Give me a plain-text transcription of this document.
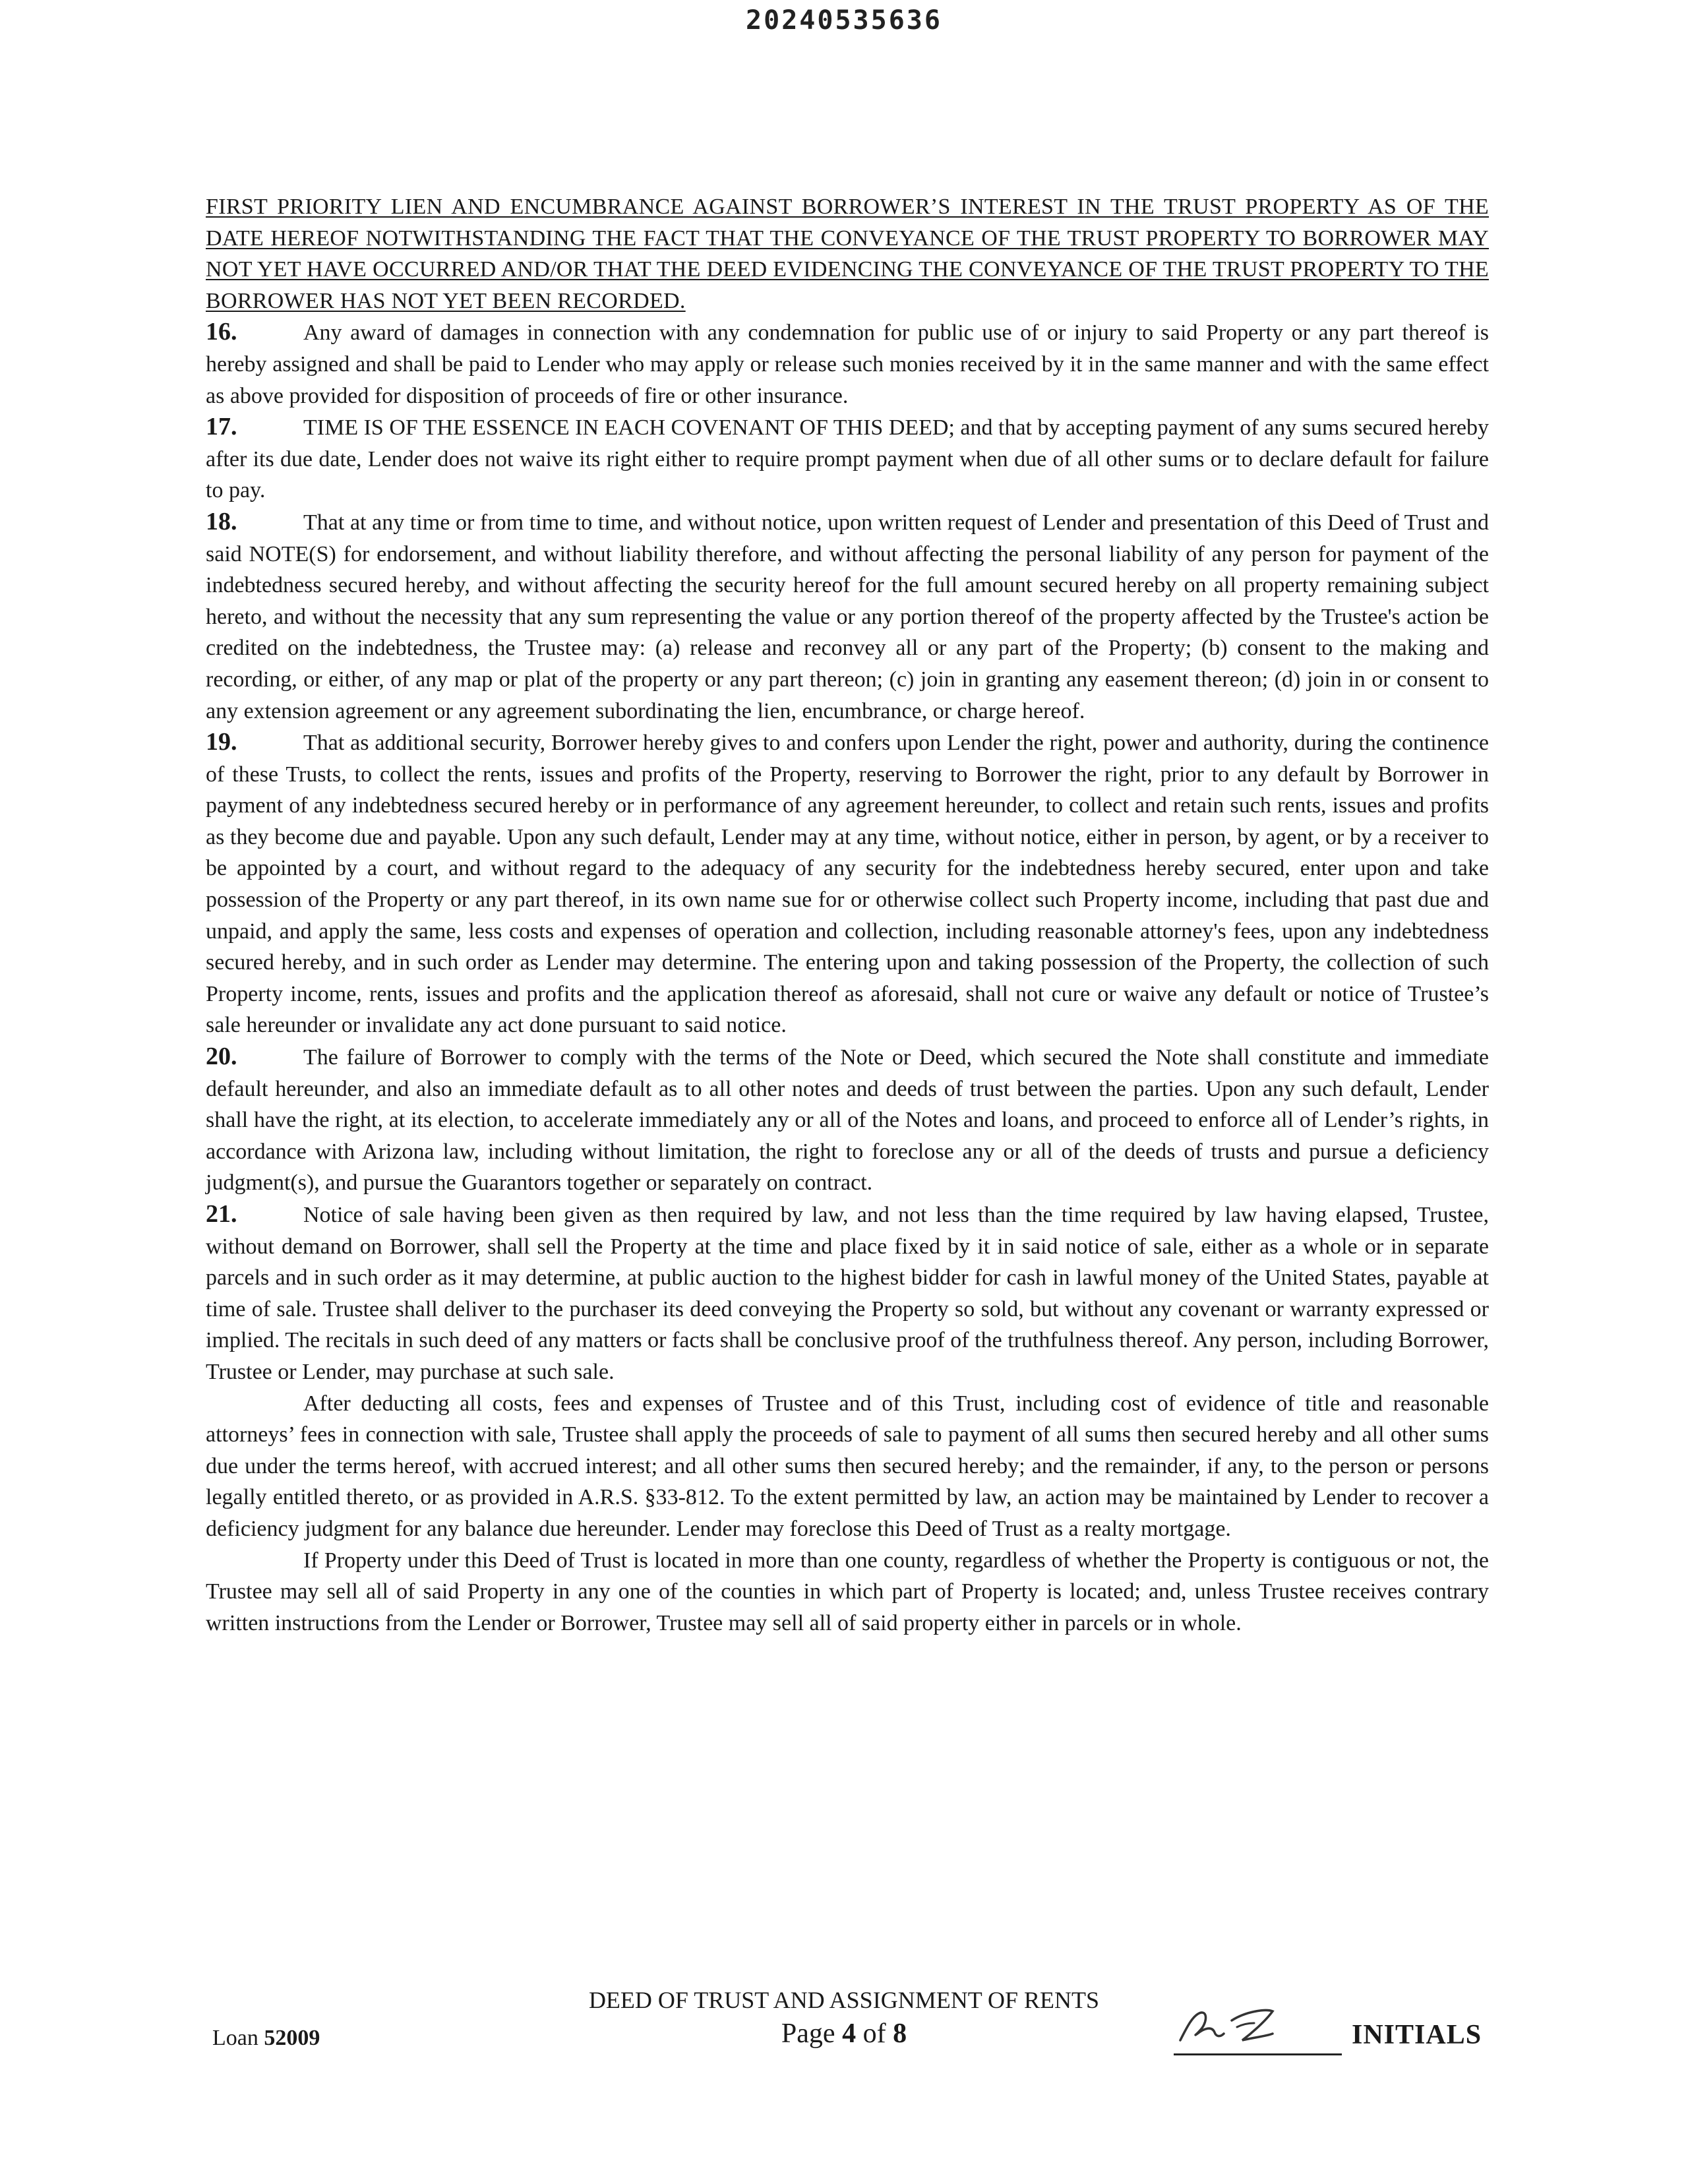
20240535636

FIRST PRIORITY LIEN AND ENCUMBRANCE AGAINST BORROWER’S INTEREST IN THE TRUST PROPERTY AS OF THE DATE HEREOF NOTWITHSTANDING THE FACT THAT THE CONVEYANCE OF THE TRUST PROPERTY TO BORROWER MAY NOT YET HAVE OCCURRED AND/OR THAT THE DEED EVIDENCING THE CONVEYANCE OF THE TRUST PROPERTY TO THE BORROWER HAS NOT YET BEEN RECORDED.

16.	Any award of damages in connection with any condemnation for public use of or injury to said Property or any part thereof is hereby assigned and shall be paid to Lender who may apply or release such monies received by it in the same manner and with the same effect as above provided for disposition of proceeds of fire or other insurance.

17.	TIME IS OF THE ESSENCE IN EACH COVENANT OF THIS DEED; and that by accepting payment of any sums secured hereby after its due date, Lender does not waive its right either to require prompt payment when due of all other sums or to declare default for failure to pay.

18.	That at any time or from time to time, and without notice, upon written request of Lender and presentation of this Deed of Trust and said NOTE(S) for endorsement, and without liability therefore, and without affecting the personal liability of any person for payment of the indebtedness secured hereby, and without affecting the security hereof for the full amount secured hereby on all property remaining subject hereto, and without the necessity that any sum representing the value or any portion thereof of the property affected by the Trustee's action be credited on the indebtedness, the Trustee may: (a) release and reconvey all or any part of the Property; (b) consent to the making and recording, or either, of any map or plat of the property or any part thereon; (c) join in granting any easement thereon; (d) join in or consent to any extension agreement or any agreement subordinating the lien, encumbrance, or charge hereof.

19.	That as additional security, Borrower hereby gives to and confers upon Lender the right, power and authority, during the continence of these Trusts, to collect the rents, issues and profits of the Property, reserving to Borrower the right, prior to any default by Borrower in payment of any indebtedness secured hereby or in performance of any agreement hereunder, to collect and retain such rents, issues and profits as they become due and payable. Upon any such default, Lender may at any time, without notice, either in person, by agent, or by a receiver to be appointed by a court, and without regard to the adequacy of any security for the indebtedness hereby secured, enter upon and take possession of the Property or any part thereof, in its own name sue for or otherwise collect such Property income, including that past due and unpaid, and apply the same, less costs and expenses of operation and collection, including reasonable attorney's fees, upon any indebtedness secured hereby, and in such order as Lender may determine. The entering upon and taking possession of the Property, the collection of such Property income, rents, issues and profits and the application thereof as aforesaid, shall not cure or waive any default or notice of Trustee’s sale hereunder or invalidate any act done pursuant to said notice.

20.	The failure of Borrower to comply with the terms of the Note or Deed, which secured the Note shall constitute and immediate default hereunder, and also an immediate default as to all other notes and deeds of trust between the parties. Upon any such default, Lender shall have the right, at its election, to accelerate immediately any or all of the Notes and loans, and proceed to enforce all of Lender’s rights, in accordance with Arizona law, including without limitation, the right to foreclose any or all of the deeds of trusts and pursue a deficiency judgment(s), and pursue the Guarantors together or separately on contract.

21.	Notice of sale having been given as then required by law, and not less than the time required by law having elapsed, Trustee, without demand on Borrower, shall sell the Property at the time and place fixed by it in said notice of sale, either as a whole or in separate parcels and in such order as it may determine, at public auction to the highest bidder for cash in lawful money of the United States, payable at time of sale. Trustee shall deliver to the purchaser its deed conveying the Property so sold, but without any covenant or warranty expressed or implied. The recitals in such deed of any matters or facts shall be conclusive proof of the truthfulness thereof. Any person, including Borrower, Trustee or Lender, may purchase at such sale.

After deducting all costs, fees and expenses of Trustee and of this Trust, including cost of evidence of title and reasonable attorneys’ fees in connection with sale, Trustee shall apply the proceeds of sale to payment of all sums then secured hereby and all other sums due under the terms hereof, with accrued interest; and all other sums then secured hereby; and the remainder, if any, to the person or persons legally entitled thereto, or as provided in A.R.S. §33-812. To the extent permitted by law, an action may be maintained by Lender to recover a deficiency judgment for any balance due hereunder. Lender may foreclose this Deed of Trust as a realty mortgage.

If Property under this Deed of Trust is located in more than one county, regardless of whether the Property is contiguous or not, the Trustee may sell all of said Property in any one of the counties in which part of Property is located; and, unless Trustee receives contrary written instructions from the Lender or Borrower, Trustee may sell all of said property either in parcels or in whole.

Loan 52009
DEED OF TRUST AND ASSIGNMENT OF RENTS
Page 4 of 8	INITIALS
